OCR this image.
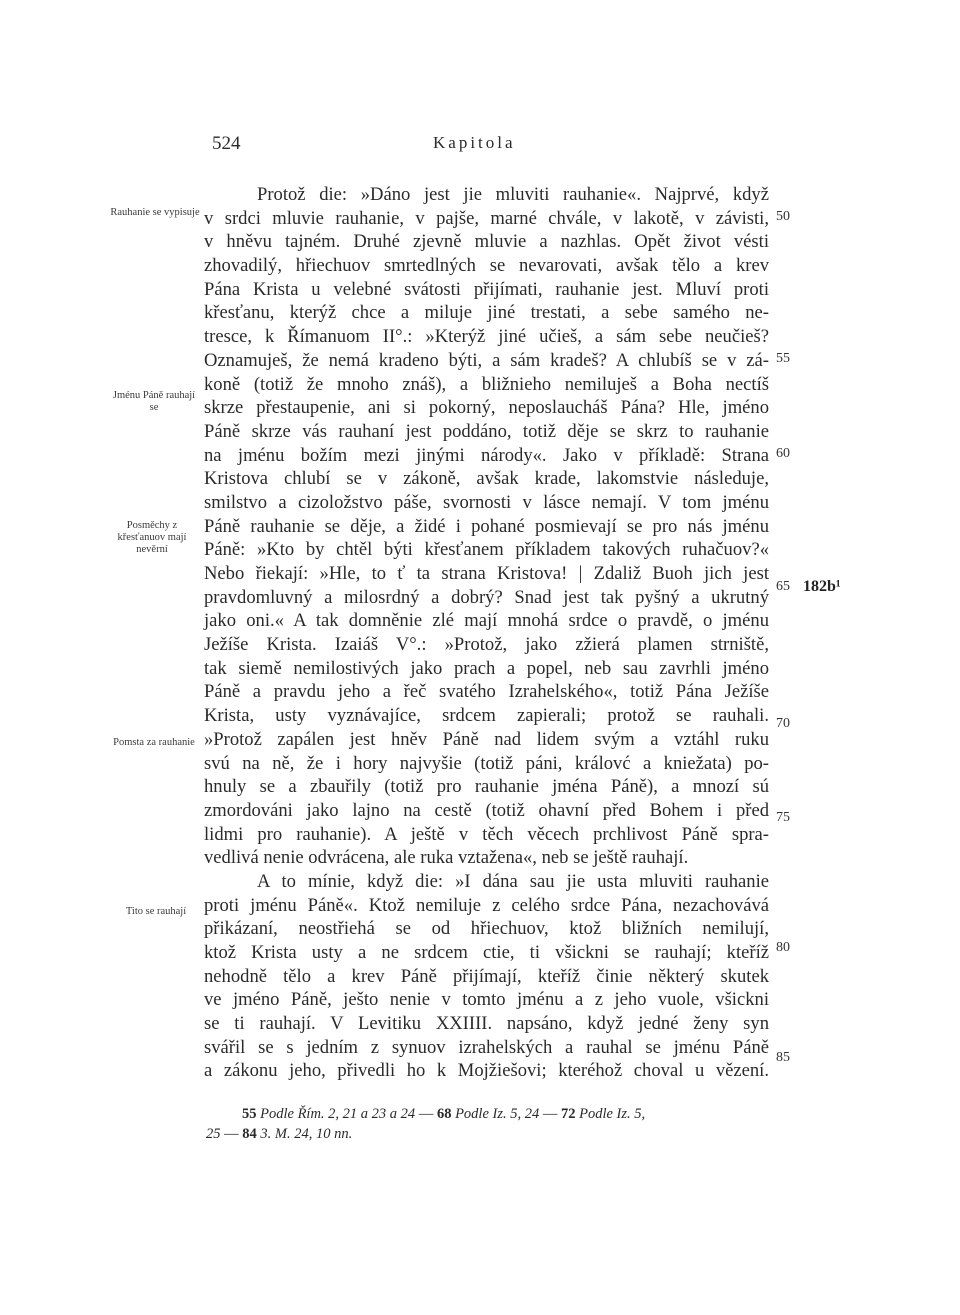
524	Kapitola
Rauhanie se vypisuje
Jménu Páně rauhají se
Posměchy z křesťanuov mají nevěrní
Pomsta za rauhanie
Tito se rauhají
50
55
60
65
70
75
80
85
182b¹
Protož die: »Dáno jest jie mluviti rauhanie«. Najprvé, když
v srdci mluvie rauhanie, v pajše, marné chvále, v lakotě, v závisti,
v hněvu tajném. Druhé zjevně mluvie a nazhlas. Opět život vésti
zhovadilý, hřiechuov smrtedlných se nevarovati, avšak tělo a krev
Pána Krista u velebné svátosti přijímati, rauhanie jest. Mluví proti
křesťanu, kterýž chce a miluje jiné trestati, a sebe samého ne-
tresce, k Římanuom II°.: »Kterýž jiné učieš, a sám sebe neučieš?
Oznamuješ, že nemá kradeno býti, a sám kradeš? A chlubíš se v zá-
koně (totiž že mnoho znáš), a bližnieho nemiluješ a Boha nectíš
skrze přestaupenie, ani si pokorný, neposlaucháš Pána? Hle, jméno
Páně skrze vás rauhaní jest poddáno, totiž děje se skrz to rauhanie
na jménu božím mezi jinými národy«. Jako v příkladě: Strana
Kristova chlubí se v zákoně, avšak krade, lakomstvie následuje,
smilstvo a cizoložstvo páše, svornosti v lásce nemají. V tom jménu
Páně rauhanie se děje, a židé i pohané posmievají se pro nás jménu
Páně: »Kto by chtěl býti křesťanem příkladem takových ruhačuov?«
Nebo řiekají: »Hle, to ť ta strana Kristova! | Zdaliž Buoh jich jest
pravdomluvný a milosrdný a dobrý? Snad jest tak pyšný a ukrutný
jako oni.« A tak domněnie zlé mají mnohá srdce o pravdě, o jménu
Ježíše Krista. Izaiáš V°.: »Protož, jako zžierá plamen strniště,
tak siemě nemilostivých jako prach a popel, neb sau zavrhli jméno
Páně a pravdu jeho a řeč svatého Izrahelského«, totiž Pána Ježíše
Krista, usty vyznávajíce, srdcem zapierali; protož se rauhali.
»Protož zapálen jest hněv Páně nad lidem svým a vztáhl ruku
svú na ně, že i hory najvyšie (totiž páni, královć a kniežata) po-
hnuly se a zbauřily (totiž pro rauhanie jména Páně), a mnozí sú
zmordováni jako lajno na cestě (totiž ohavní před Bohem i před
lidmi pro rauhanie). A ještě v těch věcech prchlivost Páně spra-
vedlivá nenie odvrácena, ale ruka vztažena«, neb se ještě rauhají.
A to mínie, když die: »I dána sau jie usta mluviti rauhanie
proti jménu Páně«. Ktož nemiluje z celého srdce Pána, nezachovává
přikázaní, neostřiehá se od hřiechuov, ktož bližních nemilují,
ktož Krista usty a ne srdcem ctie, ti všickni se rauhají; kteříž
nehodně tělo a krev Páně přijímají, kteříž činie některý skutek
ve jméno Páně, ješto nenie v tomto jménu a z jeho vuole, všickni
se ti rauhají. V Levitiku XXIIII. napsáno, když jedné ženy syn
svářil se s jedním z synuov izrahelských a rauhal se jménu Páně
a zákonu jeho, přivedli ho k Mojžiešovi; kteréhož choval u vězení.
55 Podle Řím. 2, 21 a 23 a 24 — 68 Podle Iz. 5, 24 — 72 Podle Iz. 5,
25 — 84 3. M. 24, 10 nn.
